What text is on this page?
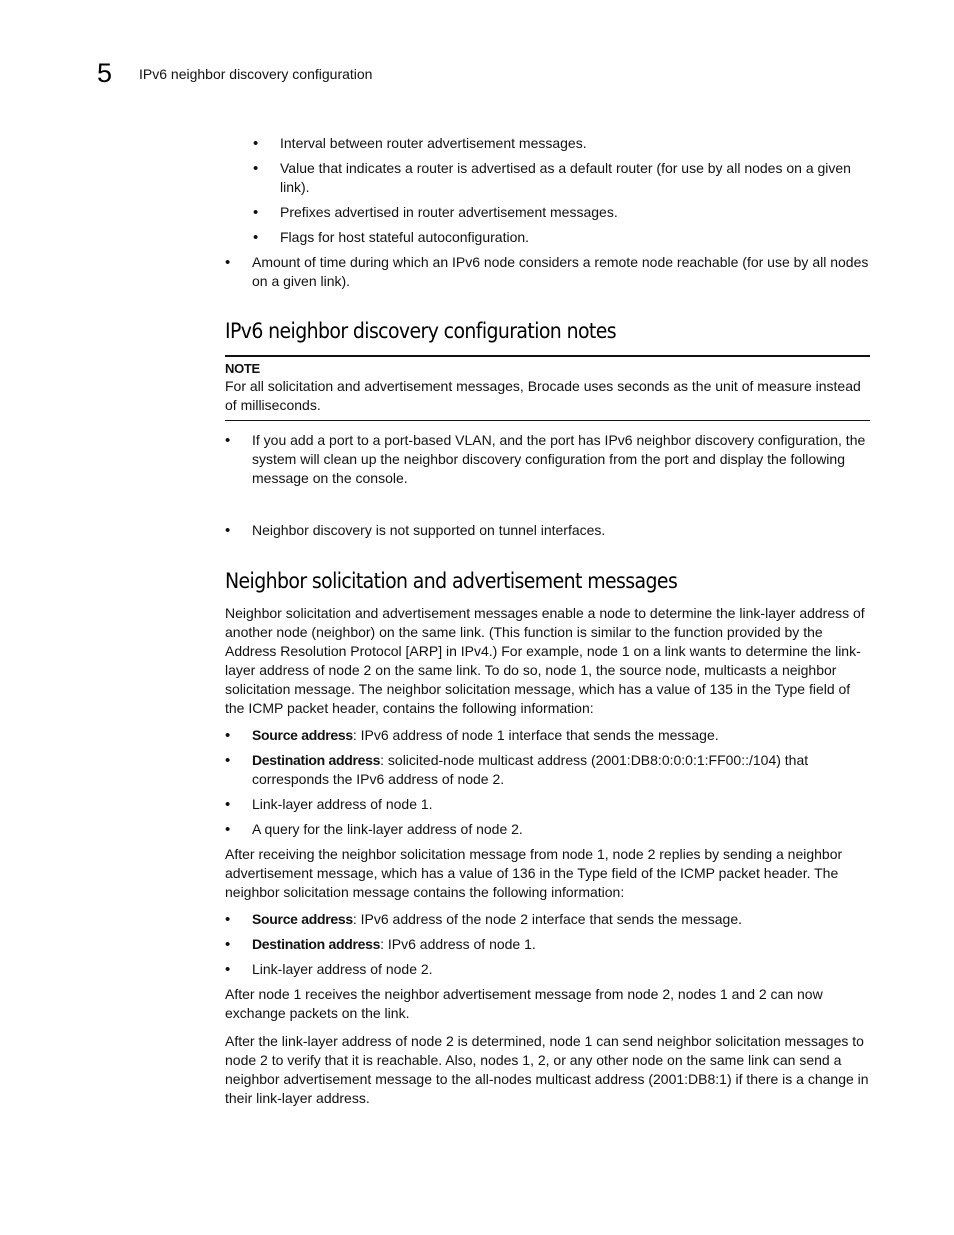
5 IPv6 neighbor discovery configuration
• Interval between router advertisement messages.
• Value that indicates a router is advertised as a default router (for use by all nodes on a given link).
• Prefixes advertised in router advertisement messages.
• Flags for host stateful autoconfiguration.
• Amount of time during which an IPv6 node considers a remote node reachable (for use by all nodes on a given link).
IPv6 neighbor discovery configuration notes
NOTE
For all solicitation and advertisement messages, Brocade uses seconds as the unit of measure instead of milliseconds.
• If you add a port to a port-based VLAN, and the port has IPv6 neighbor discovery configuration, the system will clean up the neighbor discovery configuration from the port and display the following message on the console.
• Neighbor discovery is not supported on tunnel interfaces.
Neighbor solicitation and advertisement messages

Neighbor solicitation and advertisement messages enable a node to determine the link-layer address of another node (neighbor) on the same link. (This function is similar to the function provided by the Address Resolution Protocol [ARP] in IPv4.) For example, node 1 on a link wants to determine the link-layer address of node 2 on the same link. To do so, node 1, the source node, multicasts a neighbor solicitation message. The neighbor solicitation message, which has a value of 135 in the Type field of the ICMP packet header, contains the following information:

• Source address: IPv6 address of node 1 interface that sends the message.
• Destination address: solicited-node multicast address (2001:DB8:0:0:0:1:FF00::/104) that corresponds the IPv6 address of node 2.
• Link-layer address of node 1.
• A query for the link-layer address of node 2.

After receiving the neighbor solicitation message from node 1, node 2 replies by sending a neighbor advertisement message, which has a value of 136 in the Type field of the ICMP packet header. The neighbor solicitation message contains the following information:

• Source address: IPv6 address of the node 2 interface that sends the message.
• Destination address: IPv6 address of node 1.
• Link-layer address of node 2.

After node 1 receives the neighbor advertisement message from node 2, nodes 1 and 2 can now exchange packets on the link.

After the link-layer address of node 2 is determined, node 1 can send neighbor solicitation messages to node 2 to verify that it is reachable. Also, nodes 1, 2, or any other node on the same link can send a neighbor advertisement message to the all-nodes multicast address (2001:DB8:1) if there is a change in their link-layer address.
